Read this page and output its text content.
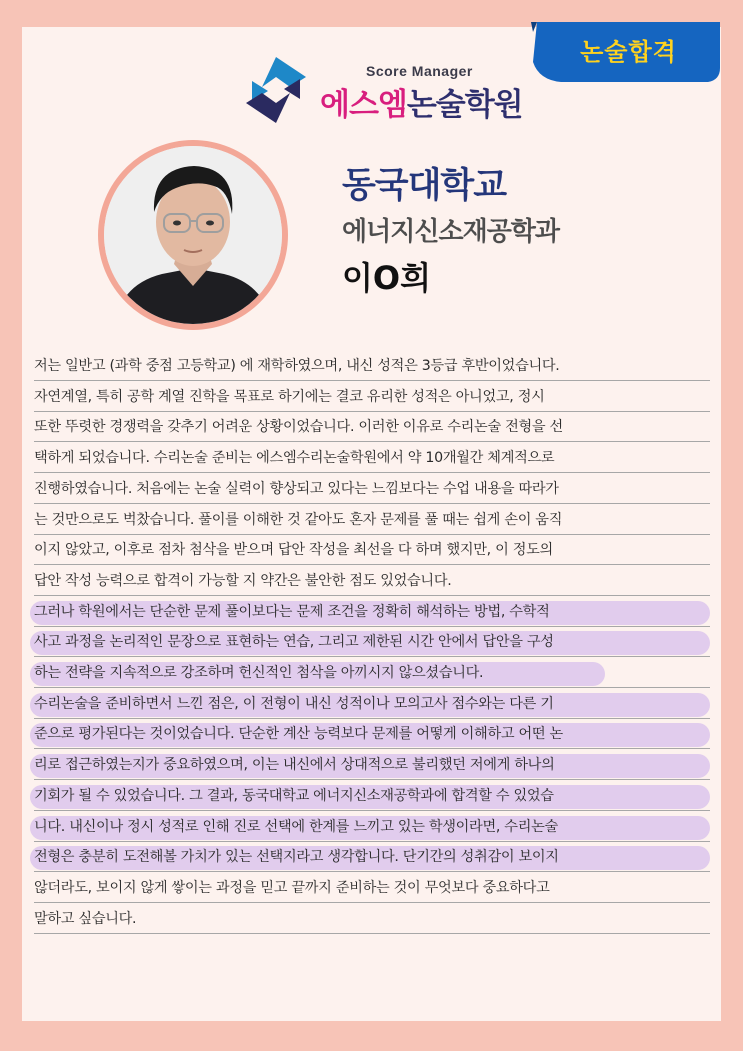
논술합격
Score Manager
에스엠논술학원
동국대학교
에너지신소재공학과
이O희
저는 일반고 (과학 중점 고등학교) 에 재학하였으며, 내신 성적은 3등급 후반이었습니다.
자연계열, 특히 공학 계열 진학을 목표로 하기에는 결코 유리한 성적은 아니었고, 정시
또한 뚜렷한 경쟁력을 갖추기 어려운 상황이었습니다. 이러한 이유로 수리논술 전형을 선
택하게 되었습니다. 수리논술 준비는 에스엠수리논술학원에서 약 10개월간 체계적으로
진행하였습니다. 처음에는 논술 실력이 향상되고 있다는 느낌보다는 수업 내용을 따라가
는 것만으로도 벅찼습니다. 풀이를 이해한 것 같아도 혼자 문제를 풀 때는 쉽게 손이 움직
이지 않았고, 이후로 점차 첨삭을 받으며 답안 작성을 최선을 다 하며 했지만, 이 정도의
답안 작성 능력으로 합격이 가능할 지 약간은 불안한 점도 있었습니다.
그러나 학원에서는 단순한 문제 풀이보다는 문제 조건을 정확히 해석하는 방법, 수학적
사고 과정을 논리적인 문장으로 표현하는 연습, 그리고 제한된 시간 안에서 답안을 구성
하는 전략을 지속적으로 강조하며 헌신적인 첨삭을 아끼시지 않으셨습니다.
수리논술을 준비하면서 느낀 점은, 이 전형이 내신 성적이나 모의고사 점수와는 다른 기
준으로 평가된다는 것이었습니다. 단순한 계산 능력보다 문제를 어떻게 이해하고 어떤 논
리로 접근하였는지가 중요하였으며, 이는 내신에서 상대적으로 불리했던 저에게 하나의
기회가 될 수 있었습니다. 그 결과, 동국대학교 에너지신소재공학과에 합격할 수 있었습
니다. 내신이나 정시 성적로 인해 진로 선택에 한계를 느끼고 있는 학생이라면, 수리논술
전형은 충분히 도전해볼 가치가 있는 선택지라고 생각합니다. 단기간의 성취감이 보이지
않더라도, 보이지 않게 쌓이는 과정을 믿고 끝까지 준비하는 것이 무엇보다 중요하다고
말하고 싶습니다.
